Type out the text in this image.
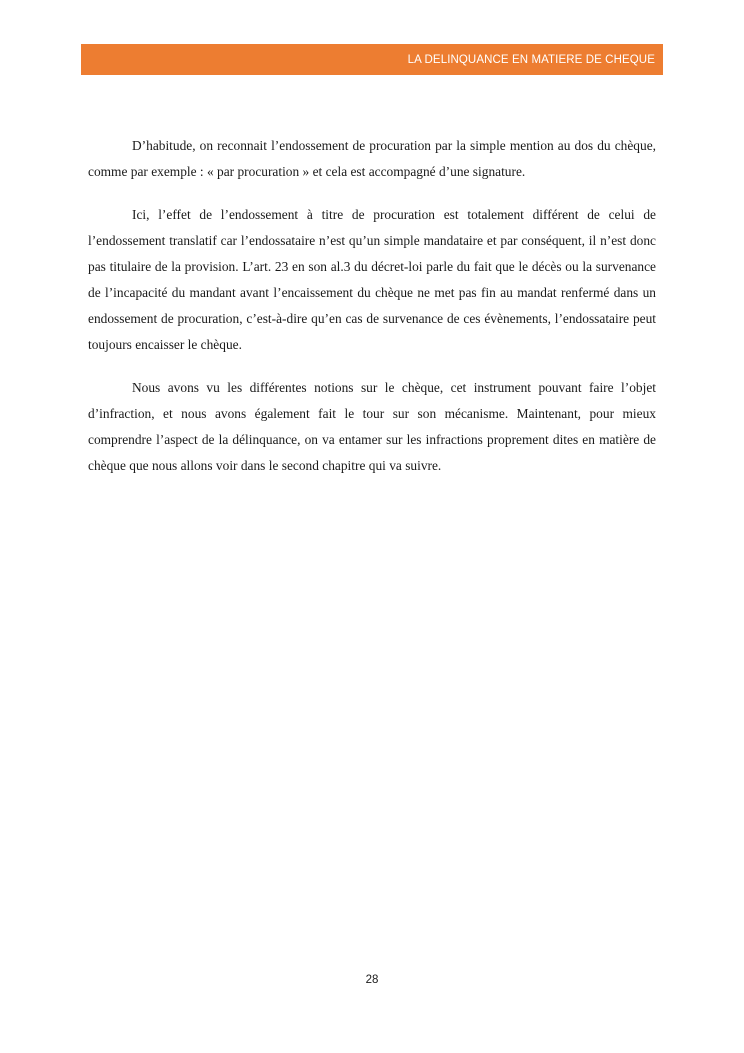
LA DELINQUANCE EN MATIERE DE CHEQUE

D’habitude, on reconnait l’endossement de procuration par la simple mention au dos du chèque, comme par exemple : « par procuration » et cela est accompagné d’une signature.

Ici, l’effet de l’endossement à titre de procuration est totalement différent de celui de l’endossement translatif car l’endossataire n’est qu’un simple mandataire et par conséquent, il n’est donc pas titulaire de la provision. L’art. 23 en son al.3 du décret-loi parle du fait que le décès ou la survenance de l’incapacité du mandant avant l’encaissement du chèque ne met pas fin au mandat renfermé dans un endossement de procuration, c’est-à-dire qu’en cas de survenance de ces évènements, l’endossataire peut toujours encaisser le chèque.

Nous avons vu les différentes notions sur le chèque, cet instrument pouvant faire l’objet d’infraction, et nous avons également fait le tour sur son mécanisme. Maintenant, pour mieux comprendre l’aspect de la délinquance, on va entamer sur les infractions proprement dites en matière de chèque que nous allons voir dans le second chapitre qui va suivre.

28
